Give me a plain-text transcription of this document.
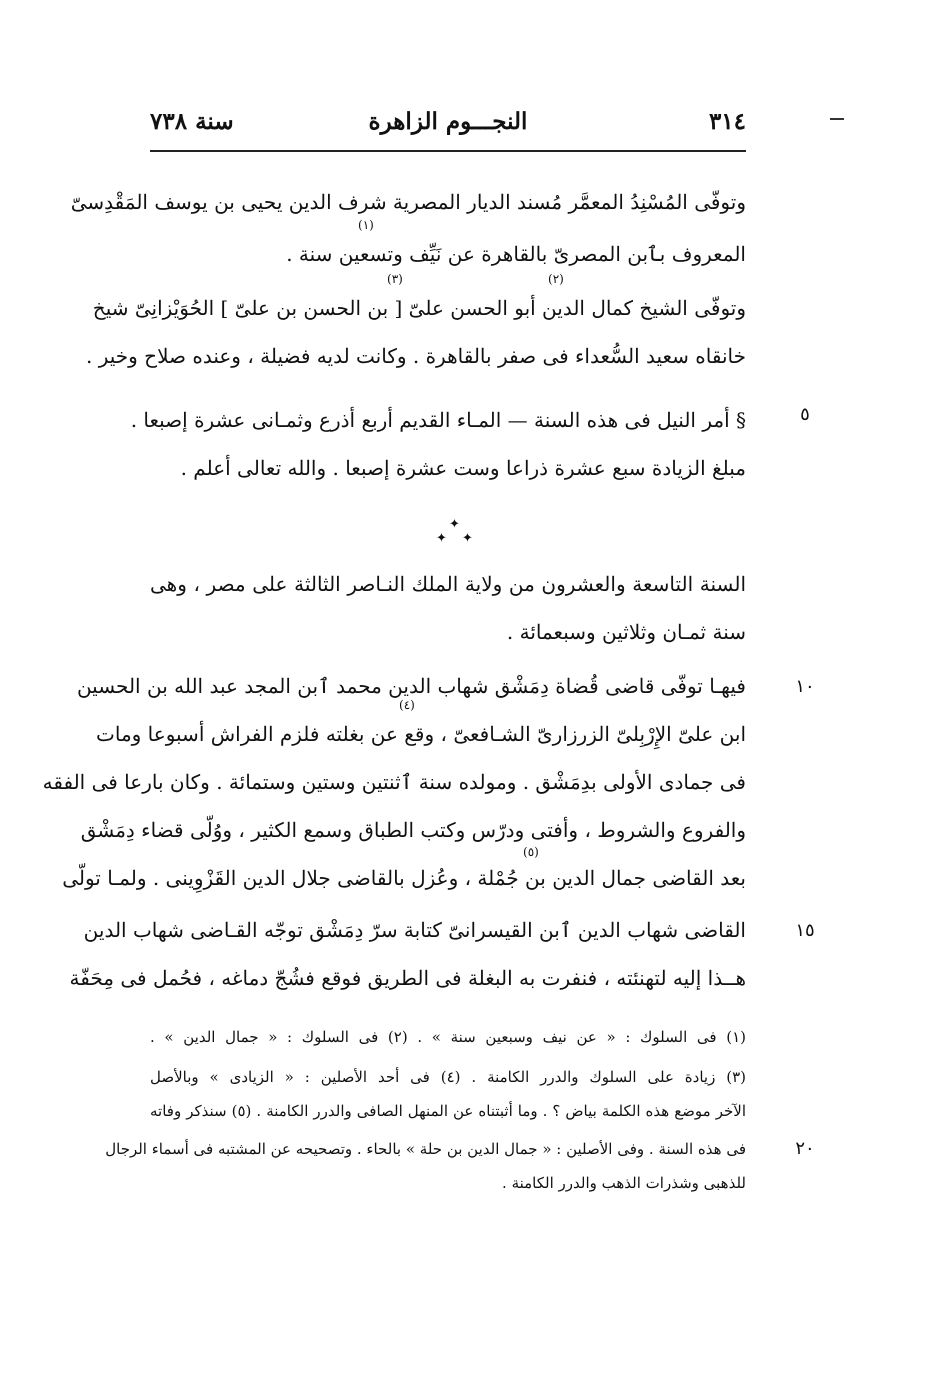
٣١٤
النجـــوم الزاهرة
سنة ٧٣٨
(١)
(٢)
(٣)
(٤)
(٥)
وتوفّى المُسْنِدُ المعمَّر مُسند الديار المصرية شرف الدين يحيى بن يوسف المَقْدِسىّ
المعروف بٱبن المصرىّ بالقاهرة عن نَيِّف وتسعين سنة .
وتوفّى الشيخ كمال الدين أبو الحسن علىّ [ بن الحسن بن علىّ ] الحُوَيْزانِىّ شيخ
خانقاه سعيد السُّعداء فى صفر بالقاهرة . وكانت لديه فضيلة ، وعنده صلاح وخير .
§ أمر النيل فى هذه السنة — المـاء القديم أربع أذرع وثمـانى عشرة إصبعا .
مبلغ الزيادة سبع عشرة ذراعا وست عشرة إصبعا . والله تعالى أعلم .
✦
✦ ✦
السنة التاسعة والعشرون من ولاية الملك النـاصر الثالثة على مصر ، وهى
سنة ثمـان وثلاثين وسبعمائة .
فيهـا توفّى قاضى قُضاة دِمَشْق شهاب الدين محمد ٱبن المجد عبد الله بن الحسين
ابن علىّ الإِرْبِلىّ الزرزارىّ الشـافعىّ ، وقع عن بغلته فلزم الفراش أسبوعا ومات
فى جمادى الأولى بدِمَشْق . ومولده سنة ٱثنتين وستين وستمائة . وكان بارعا فى الفقه
والفروع والشروط ، وأفتى ودرّس وكتب الطباق وسمع الكثير ، ووُلّى قضاء دِمَشْق
بعد القاضى جمال الدين بن جُمْلة ، وعُزل بالقاضى جلال الدين القَزْوِينى . ولمـا تولّى
القاضى شهاب الدين ٱبن القيسرانىّ كتابة سرّ دِمَشْق توجّه القـاضى شهاب الدين
هــذا إليه لتهنئته ، فنفرت به البغلة فى الطريق فوقع فشُجّ دماغه ، فحُمل فى مِحَفّة
٥
١٠
١٥
٢٠
(١) فى السلوك : « عن نيف وسبعين سنة » . (٢) فى السلوك : « جمال الدين » .
(٣) زيادة على السلوك والدرر الكامنة . (٤) فى أحد الأصلين : « الزيادى » وبالأصل
الآخر موضع هذه الكلمة بياض ؟ . وما أثبتناه عن المنهل الصافى والدرر الكامنة . (٥) سنذكر وفاته
فى هذه السنة . وفى الأصلين : « جمال الدين بن حلة » بالحاء . وتصحيحه عن المشتبه فى أسماء الرجال
للذهبى وشذرات الذهب والدرر الكامنة .
